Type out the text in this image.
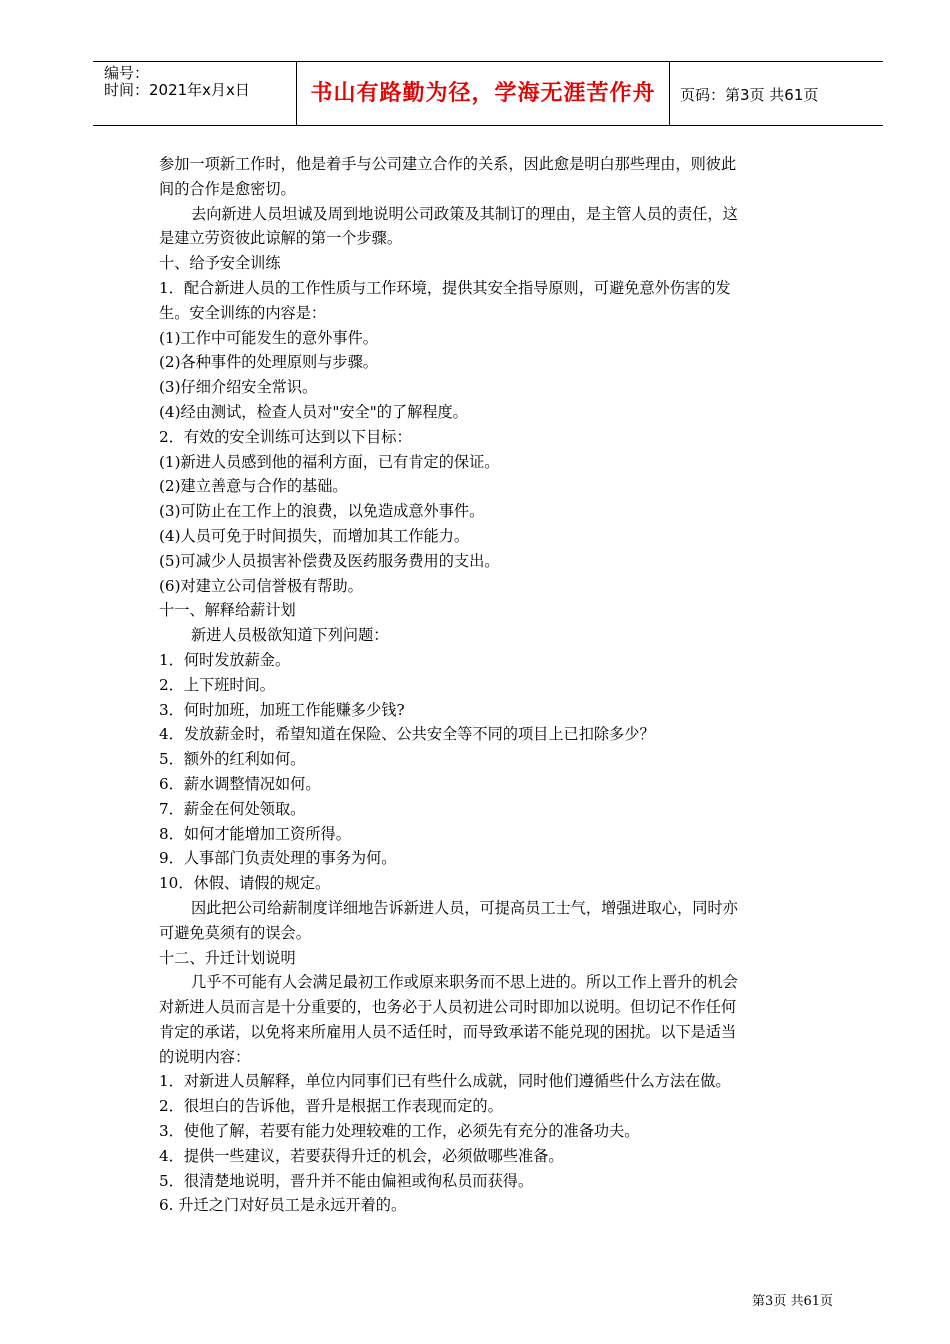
编号：
时间：2021年x月x日	书山有路勤为径，学海无涯苦作舟	页码：第3页 共61页
参加一项新工作时，他是着手与公司建立合作的关系，因此愈是明白那些理由，则彼此
间的合作是愈密切。
去向新进人员坦诚及周到地说明公司政策及其制订的理由，是主管人员的责任，这
是建立劳资彼此谅解的第一个步骤。
十、给予安全训练
1．配合新进人员的工作性质与工作环境，提供其安全指导原则，可避免意外伤害的发
生。安全训练的内容是：
(1)工作中可能发生的意外事件。
(2)各种事件的处理原则与步骤。
(3)仔细介绍安全常识。
(4)经由测试，检查人员对"安全"的了解程度。
2．有效的安全训练可达到以下目标：
(1)新进人员感到他的福利方面，已有肯定的保证。
(2)建立善意与合作的基础。
(3)可防止在工作上的浪费，以免造成意外事件。
(4)人员可免于时间损失，而增加其工作能力。
(5)可减少人员损害补偿费及医药服务费用的支出。
(6)对建立公司信誉极有帮助。
十一、解释给薪计划
新进人员极欲知道下列问题：
1．何时发放薪金。
2．上下班时间。
3．何时加班，加班工作能赚多少钱?
4．发放薪金时，希望知道在保险、公共安全等不同的项目上已扣除多少？
5．额外的红利如何。
6．薪水调整情况如何。
7．薪金在何处领取。
8．如何才能增加工资所得。
9．人事部门负责处理的事务为何。
10．休假、请假的规定。
因此把公司给薪制度详细地告诉新进人员，可提高员工士气，增强进取心，同时亦
可避免莫须有的误会。
十二、升迁计划说明
几乎不可能有人会满足最初工作或原来职务而不思上进的。所以工作上晋升的机会
对新进人员而言是十分重要的，也务必于人员初进公司时即加以说明。但切记不作任何
肯定的承诺，以免将来所雇用人员不适任时，而导致承诺不能兑现的困扰。以下是适当
的说明内容：
1．对新进人员解释，单位内同事们已有些什么成就，同时他们遵循些什么方法在做。
2．很坦白的告诉他，晋升是根据工作表现而定的。
3．使他了解，若要有能力处理较难的工作，必须先有充分的准备功夫。
4．提供一些建议，若要获得升迁的机会，必须做哪些准备。
5．很清楚地说明，晋升并不能由偏袒或徇私员而获得。
6. 升迁之门对好员工是永远开着的。
第3页 共61页
